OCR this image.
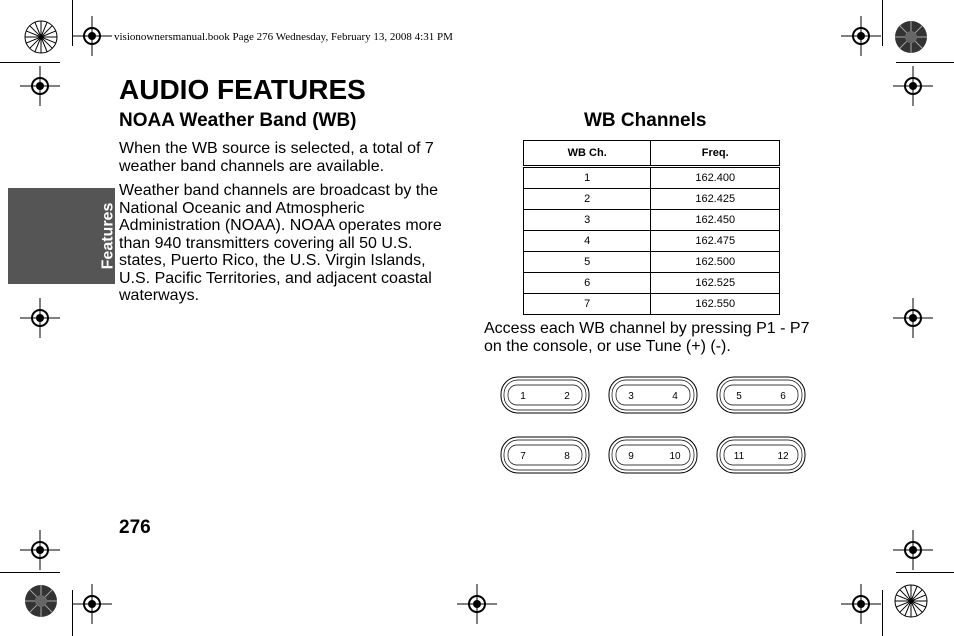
visionownersmanual.book Page 276 Wednesday, February 13, 2008 4:31 PM
Features
AUDIO FEATURES
NOAA Weather Band (WB)

When the WB source is selected, a total of 7 weather band channels are available.

Weather band channels are broadcast by the National Oceanic and Atmospheric Administration (NOAA). NOAA operates more than 940 transmitters covering all 50 U.S. states, Puerto Rico, the U.S. Virgin Islands, U.S. Pacific Territories, and adjacent coastal waterways.

WB Channels
WB Ch.	Freq.
1	162.400
2	162.425
3	162.450
4	162.475
5	162.500
6	162.525
7	162.550

Access each WB channel by pressing P1 - P7 on the console, or use Tune (+) (-).

1	2	3	4	5	6
7	8	9	10	11	12
276
